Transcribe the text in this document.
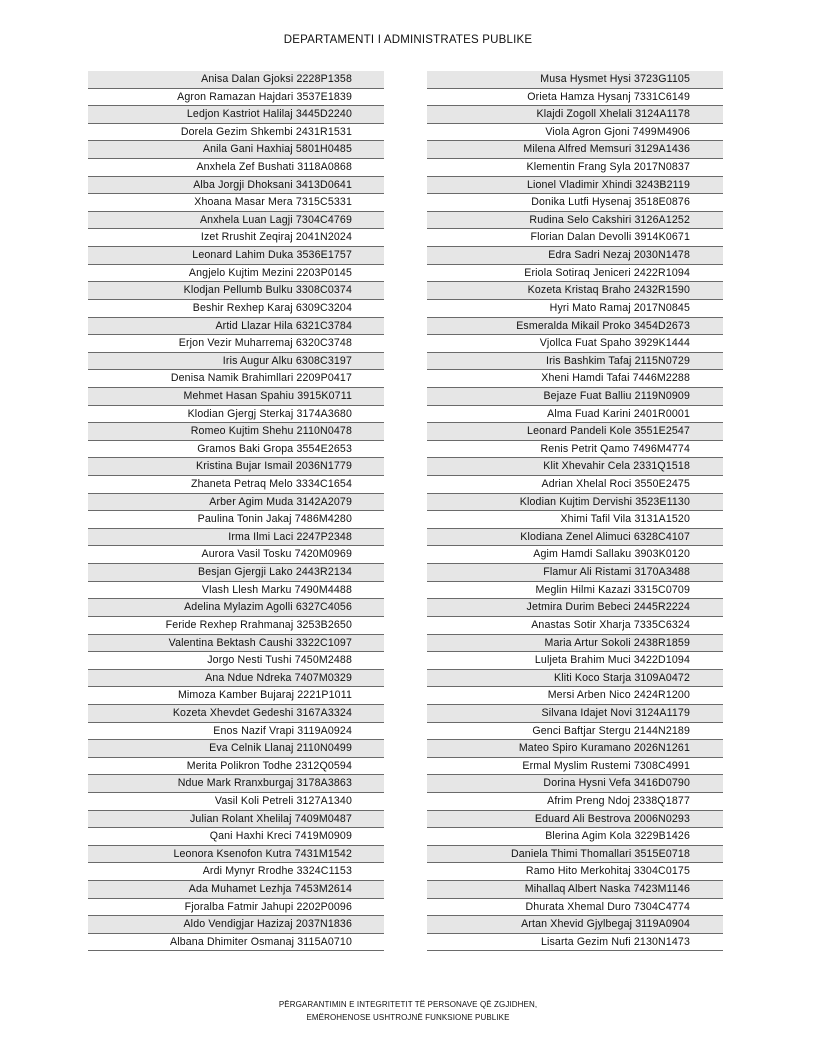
DEPARTAMENTI I ADMINISTRATES PUBLIKE
Anisa Dalan Gjoksi 2228P1358
Agron Ramazan Hajdari 3537E1839
Ledjon Kastriot Halilaj 3445D2240
Dorela Gezim Shkembi 2431R1531
Anila Gani Haxhiaj 5801H0485
Anxhela Zef Bushati 3118A0868
Alba Jorgji Dhoksani 3413D0641
Xhoana Masar Mera 7315C5331
Anxhela Luan Lagji 7304C4769
Izet Rrushit Zeqiraj 2041N2024
Leonard Lahim Duka 3536E1757
Angjelo Kujtim Mezini 2203P0145
Klodjan Pellumb Bulku 3308C0374
Beshir Rexhep Karaj 6309C3204
Artid Llazar Hila 6321C3784
Erjon Vezir Muharremaj 6320C3748
Iris Augur Alku 6308C3197
Denisa Namik Brahimllari 2209P0417
Mehmet Hasan Spahiu 3915K0711
Klodian Gjergj Sterkaj 3174A3680
Romeo Kujtim Shehu 2110N0478
Gramos Baki Gropa 3554E2653
Kristina Bujar Ismail 2036N1779
Zhaneta Petraq Melo 3334C1654
Arber Agim Muda 3142A2079
Paulina Tonin Jakaj 7486M4280
Irma Ilmi Laci 2247P2348
Aurora Vasil Tosku 7420M0969
Besjan Gjergji Lako 2443R2134
Vlash Llesh Marku 7490M4488
Adelina Mylazim Agolli 6327C4056
Feride Rexhep Rrahmanaj 3253B2650
Valentina Bektash Caushi 3322C1097
Jorgo Nesti Tushi 7450M2488
Ana Ndue Ndreka 7407M0329
Mimoza Kamber Bujaraj 2221P1011
Kozeta Xhevdet Gedeshi 3167A3324
Enos Nazif Vrapi 3119A0924
Eva Celnik Llanaj 2110N0499
Merita Polikron Todhe 2312Q0594
Ndue Mark Rranxburgaj 3178A3863
Vasil Koli Petreli 3127A1340
Julian Rolant Xhelilaj 7409M0487
Qani Haxhi Kreci 7419M0909
Leonora Ksenofon Kutra 7431M1542
Ardi Mynyr Rrodhe 3324C1153
Ada Muhamet Lezhja 7453M2614
Fjoralba Fatmir Jahupi 2202P0096
Aldo Vendigjar Hazizaj 2037N1836
Albana Dhimiter Osmanaj 3115A0710
Musa Hysmet Hysi 3723G1105
Orieta Hamza Hysanj 7331C6149
Klajdi Zogoll Xhelali 3124A1178
Viola Agron Gjoni 7499M4906
Milena Alfred Memsuri 3129A1436
Klementin Frang Syla 2017N0837
Lionel Vladimir Xhindi 3243B2119
Donika Lutfi Hysenaj 3518E0876
Rudina Selo Cakshiri 3126A1252
Florian Dalan Devolli 3914K0671
Edra Sadri Nezaj 2030N1478
Eriola Sotiraq Jeniceri 2422R1094
Kozeta Kristaq Braho 2432R1590
Hyri Mato Ramaj 2017N0845
Esmeralda Mikail Proko 3454D2673
Vjollca Fuat Spaho 3929K1444
Iris Bashkim Tafaj 2115N0729
Xheni Hamdi Tafai 7446M2288
Bejaze Fuat Balliu 2119N0909
Alma Fuad Karini 2401R0001
Leonard Pandeli Kole 3551E2547
Renis Petrit Qamo 7496M4774
Klit Xhevahir Cela 2331Q1518
Adrian Xhelal Roci 3550E2475
Klodian Kujtim Dervishi 3523E1130
Xhimi Tafil Vila 3131A1520
Klodiana Zenel Alimuci 6328C4107
Agim Hamdi Sallaku 3903K0120
Flamur Ali Ristami 3170A3488
Meglin Hilmi Kazazi 3315C0709
Jetmira Durim Bebeci 2445R2224
Anastas Sotir Xharja 7335C6324
Maria Artur Sokoli 2438R1859
Luljeta Brahim Muci 3422D1094
Kliti Koco Starja 3109A0472
Mersi Arben Nico 2424R1200
Silvana Idajet Novi 3124A1179
Genci Baftjar Stergu 2144N2189
Mateo Spiro Kuramano 2026N1261
Ermal Myslim Rustemi 7308C4991
Dorina Hysni Vefa 3416D0790
Afrim Preng Ndoj 2338Q1877
Eduard Ali Bestrova 2006N0293
Blerina Agim Kola 3229B1426
Daniela Thimi Thomallari 3515E0718
Ramo Hito Merkohitaj 3304C0175
Mihallaq Albert Naska 7423M1146
Dhurata Xhemal Duro 7304C4774
Artan Xhevid Gjylbegaj 3119A0904
Lisarta Gezim Nufi 2130N1473
PËRGARANTIMIN E INTEGRITETIT TË PERSONAVE QË ZGJIDHEN,
EMËROHENOSE USHTROJNË FUNKSIONE PUBLIKE
